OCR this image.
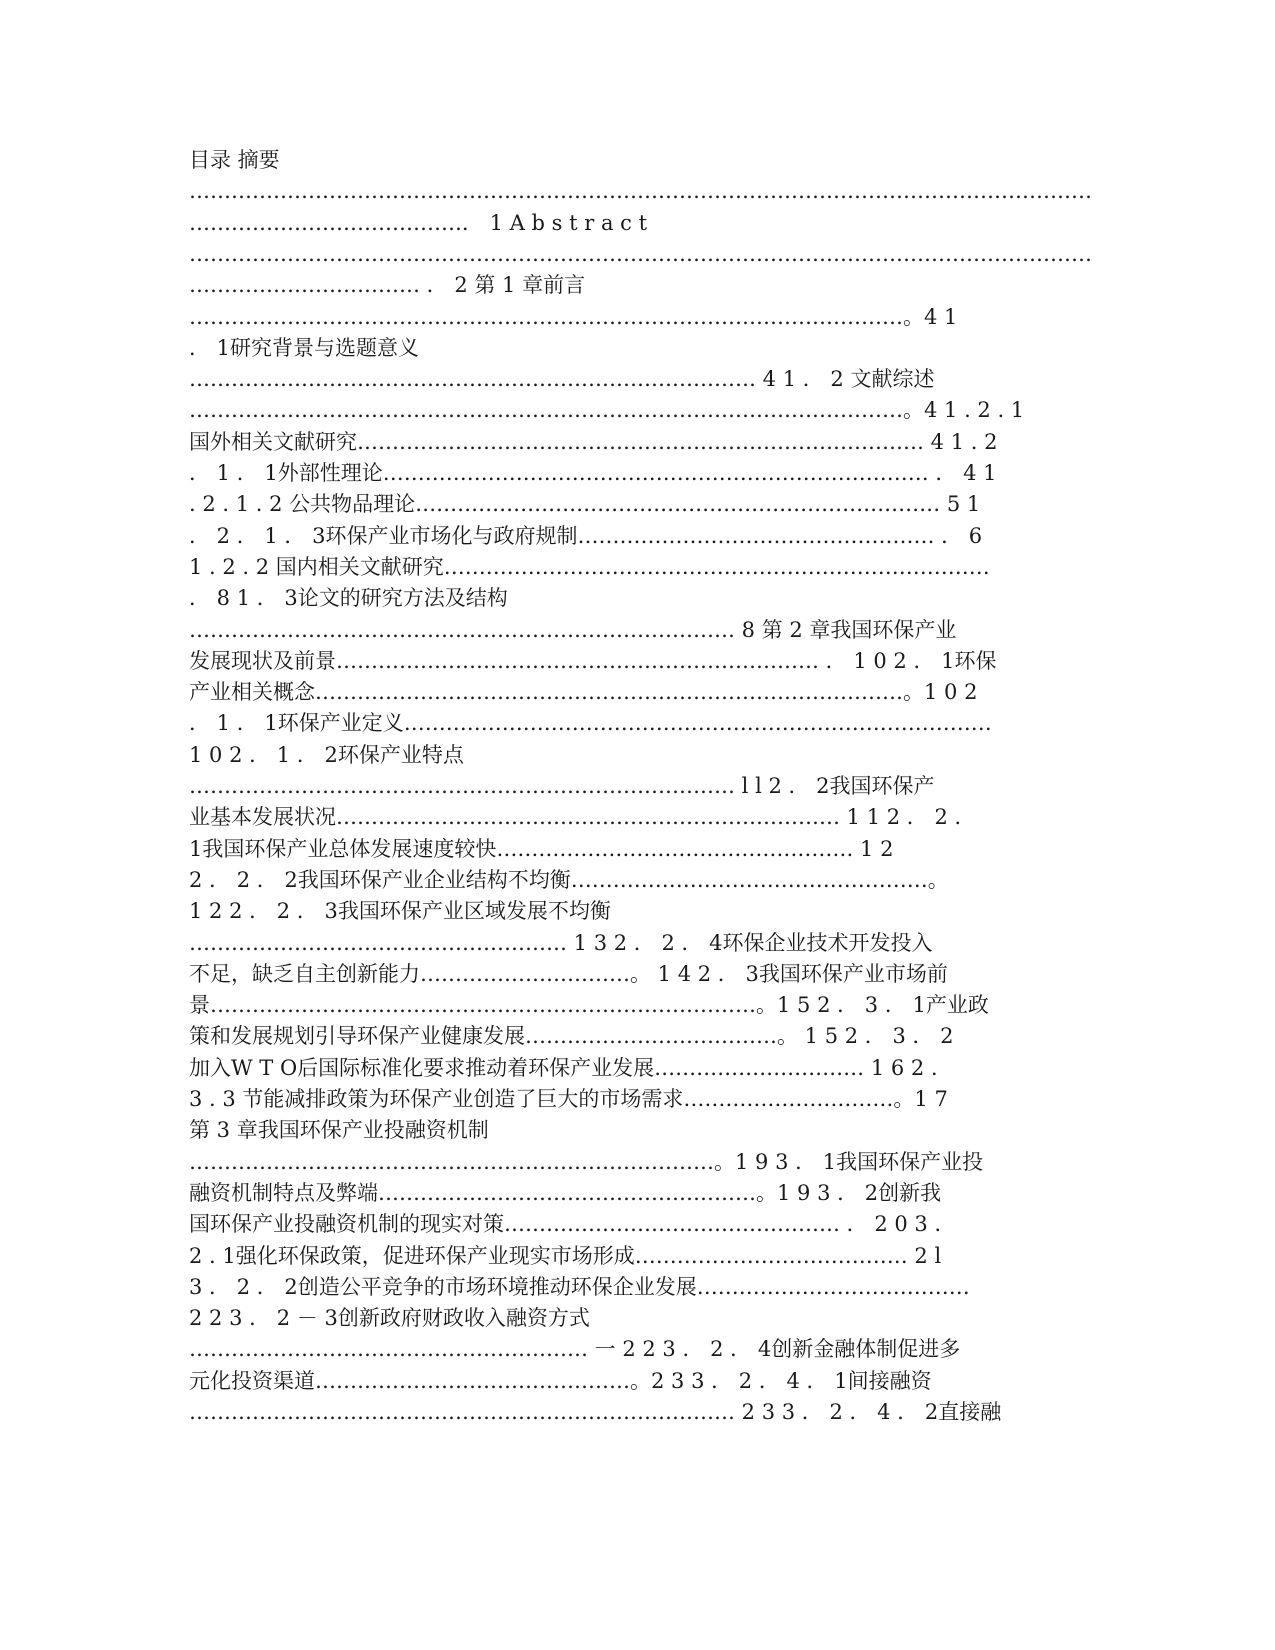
目录 摘要
…………………………………………………………………………………………………………………
…………………………………． 1 A b s t r a c t
…………………………………………………………………………………………………………………
…………………………… ． 2 第 1 章前言
…………………………………………………………………………………………。4 1
． 1研究背景与选题意义
……………………………………………………………………… 4 1 ． 2 文献综述
…………………………………………………………………………………………。4 1 . 2 . 1
国外相关文献研究……………………………………………………………………… 4 1 . 2
． 1 ． 1外部性理论…………………………………………………………………… ． 4 1
. 2 . 1 . 2 公共物品理论………………………………………………………………… 5 1
． 2 ． 1 ． 3环保产业市场化与政府规制…………………………………………… ． 6
1 . 2 . 2 国内相关文献研究……………………………………………………………………
． 8 1 ． 3论文的研究方法及结构
…………………………………………………………………… 8 第 2 章我国环保产业
发展现状及前景…………………………………………………………… ． 1 0 2 ． 1环保
产业相关概念…………………………………………………………………………。1 0 2
． 1 ． 1环保产业定义…………………………………………………………………………
1 0 2 ． 1 ． 2环保产业特点
…………………………………………………………………… l l 2 ． 2我国环保产
业基本发展状况……………………………………………………………… 1 1 2 ． 2 ．
1我国环保产业总体发展速度较快…………………………………………… 1 2
2 ． 2 ． 2我国环保产业企业结构不均衡……………………………………………。
1 2 2 ． 2 ． 3我国环保产业区域发展不均衡
……………………………………………… 1 3 2 ． 2 ． 4环保企业技术开发投入
不足，缺乏自主创新能力…………………………。 1 4 2 ． 3我国环保产业市场前
景……………………………………………………………………。1 5 2 ． 3 ． 1产业政
策和发展规划引导环保产业健康发展………………………………。 1 5 2 ． 3 ． 2
加入W T O后国际标准化要求推动着环保产业发展………………………… 1 6 2 ．
3 . 3 节能减排政策为环保产业创造了巨大的市场需求…………………………。1 7
第 3 章我国环保产业投融资机制
…………………………………………………………………。1 9 3 ． 1我国环保产业投
融资机制特点及弊端………………………………………………。1 9 3 ． 2创新我
国环保产业投融资机制的现实对策………………………………………… ． 2 0 3 ．
2 . 1强化环保政策，促进环保产业现实市场形成………………………………… 2 l
3 ． 2 ． 2创造公平竞争的市场环境推动环保企业发展…………………………………
2 2 3 ． 2 － 3创新政府财政收入融资方式
………………………………………………… 一 2 2 3 ． 2 ． 4创新金融体制促进多
元化投资渠道………………………………………。2 3 3 ． 2 ． 4 ． 1间接融资
…………………………………………………………………… 2 3 3 ． 2 ． 4 ． 2直接融
